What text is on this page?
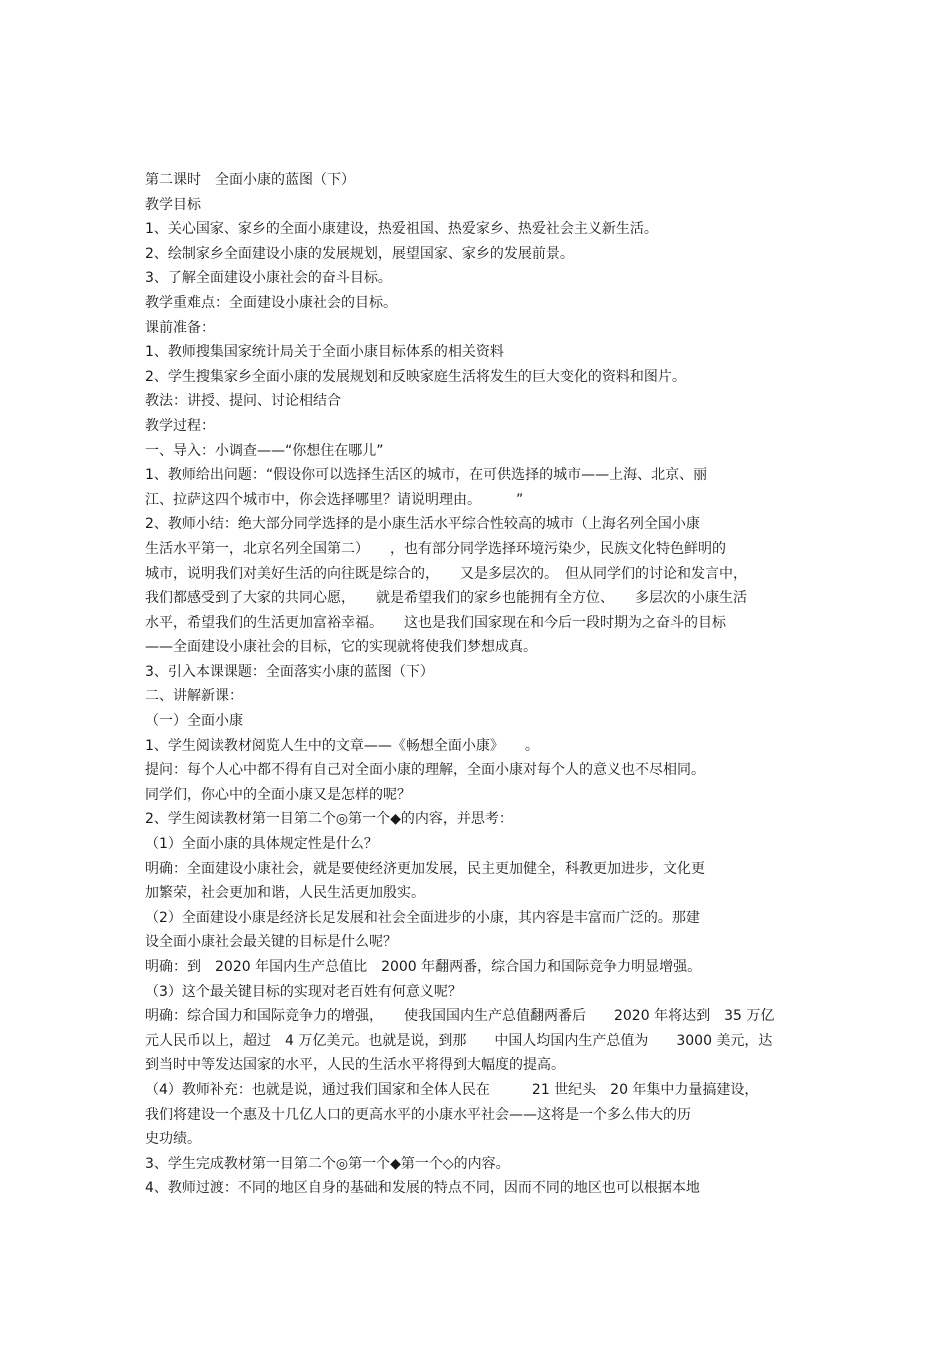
第二课时　全面小康的蓝图（下）
教学目标
1、关心国家、家乡的全面小康建设，热爱祖国、热爱家乡、热爱社会主义新生活。
2、绘制家乡全面建设小康的发展规划，展望国家、家乡的发展前景。
3、了解全面建设小康社会的奋斗目标。
教学重难点：全面建设小康社会的目标。
课前准备：
1、教师搜集国家统计局关于全面小康目标体系的相关资料
2、学生搜集家乡全面小康的发展规划和反映家庭生活将发生的巨大变化的资料和图片。
教法：讲授、提问、讨论相结合
教学过程：
一、导入：小调查——“你想住在哪儿”
1、教师给出问题：“假设你可以选择生活区的城市，在可供选择的城市——上海、北京、丽
江、拉萨这四个城市中，你会选择哪里？请说明理由。　　　”
2、教师小结：绝大部分同学选择的是小康生活水平综合性较高的城市（上海名列全国小康
生活水平第一，北京名列全国第二）　　，也有部分同学选择环境污染少，民族文化特色鲜明的
城市，说明我们对美好生活的向往既是综合的，　　又是多层次的。　但从同学们的讨论和发言中，
我们都感受到了大家的共同心愿，　　就是希望我们的家乡也能拥有全方位、　　多层次的小康生活
水平，希望我们的生活更加富裕幸福。　　这也是我们国家现在和今后一段时期为之奋斗的目标
——全面建设小康社会的目标，它的实现就将使我们梦想成真。
3、引入本课课题：全面落实小康的蓝图（下）
二、讲解新课：
（一）全面小康
1、学生阅读教材阅览人生中的文章——《畅想全面小康》　　。
提问：每个人心中都不得有自己对全面小康的理解，全面小康对每个人的意义也不尽相同。
同学们，你心中的全面小康又是怎样的呢？
2、学生阅读教材第一目第二个◎第一个◆的内容，并思考：
（1）全面小康的具体规定性是什么？
明确：全面建设小康社会，就是要使经济更加发展，民主更加健全，科教更加进步，文化更
加繁荣，社会更加和谐，人民生活更加殷实。
（2）全面建设小康是经济长足发展和社会全面进步的小康，其内容是丰富而广泛的。那建
设全面小康社会最关键的目标是什么呢？
明确：到　2020 年国内生产总值比　2000 年翻两番，综合国力和国际竞争力明显增强。
（3）这个最关键目标的实现对老百姓有何意义呢？
明确：综合国力和国际竞争力的增强，　　使我国国内生产总值翻两番后　　2020 年将达到　35 万亿
元人民币以上，超过　4 万亿美元。也就是说，到那　　中国人均国内生产总值为　　3000 美元，达
到当时中等发达国家的水平，人民的生活水平将得到大幅度的提高。
（4）教师补充：也就是说，通过我们国家和全体人民在　　　21 世纪头　20 年集中力量搞建设，
我们将建设一个惠及十几亿人口的更高水平的小康水平社会——这将是一个多么伟大的历
史功绩。
3、学生完成教材第一目第二个◎第一个◆第一个◇的内容。
4、教师过渡：不同的地区自身的基础和发展的特点不同，因而不同的地区也可以根据本地
